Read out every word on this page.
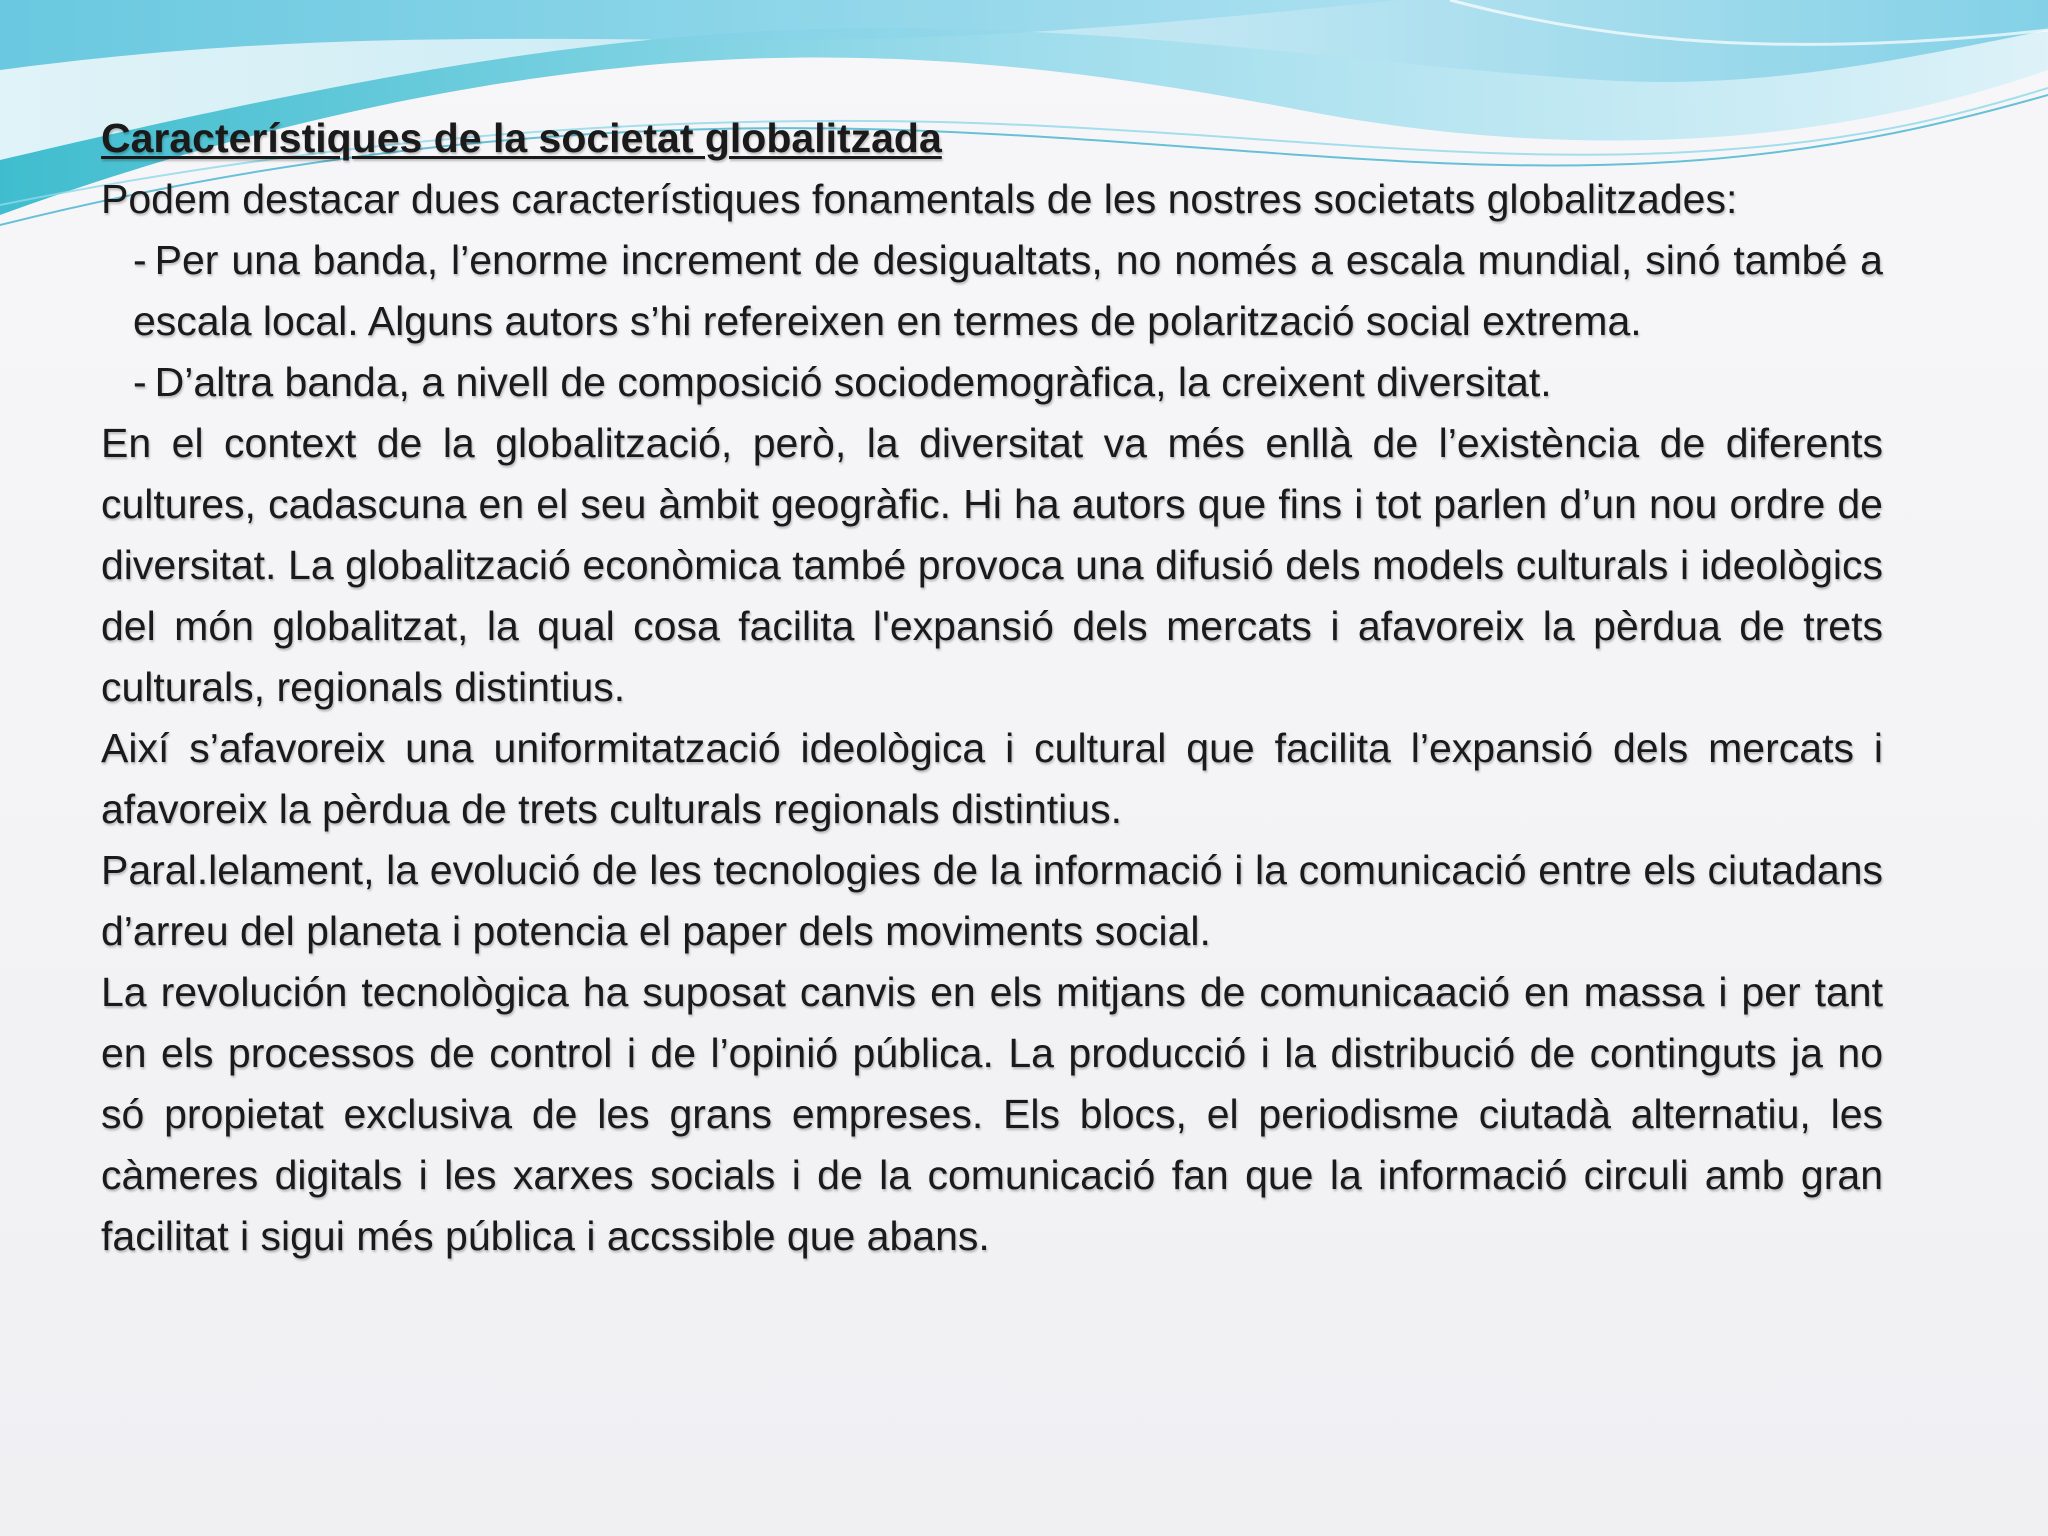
Característiques de la societat globalitzada

Podem destacar dues característiques fonamentals de les nostres societats globalitzades:

- Per una banda, l’enorme increment de desigualtats, no només a escala mundial, sinó també a escala local. Alguns autors s’hi refereixen en termes de polarització social extrema.

- D’altra banda, a nivell de composició sociodemogràfica, la creixent diversitat.

En el context de la globalització, però, la diversitat va més enllà de l’existència de diferents cultures, cadascuna en el seu àmbit geogràfic. Hi ha autors que fins i tot parlen d’un nou ordre de diversitat. La globalització econòmica també provoca una difusió dels models culturals i ideològics del món globalitzat, la qual cosa facilita l'expansió dels mercats i afavoreix la pèrdua de trets culturals, regionals distintius.

Així s’afavoreix una uniformitatzació ideològica i cultural que facilita l’expansió dels mercats i afavoreix la pèrdua de trets culturals regionals distintius.

Paral.lelament, la evolució de les tecnologies de la informació i la comunicació entre els ciutadans d’arreu del planeta i potencia el paper dels moviments social.

La revolución tecnològica ha suposat canvis en els mitjans de comunicaació en massa i per tant en els processos de control i de l’opinió pública. La producció i la distribució de continguts ja no só propietat exclusiva de les grans empreses. Els blocs, el periodisme ciutadà alternatiu, les càmeres digitals i les xarxes socials i de la comunicació fan que la informació circuli amb gran facilitat i sigui més pública i accssible que abans.
